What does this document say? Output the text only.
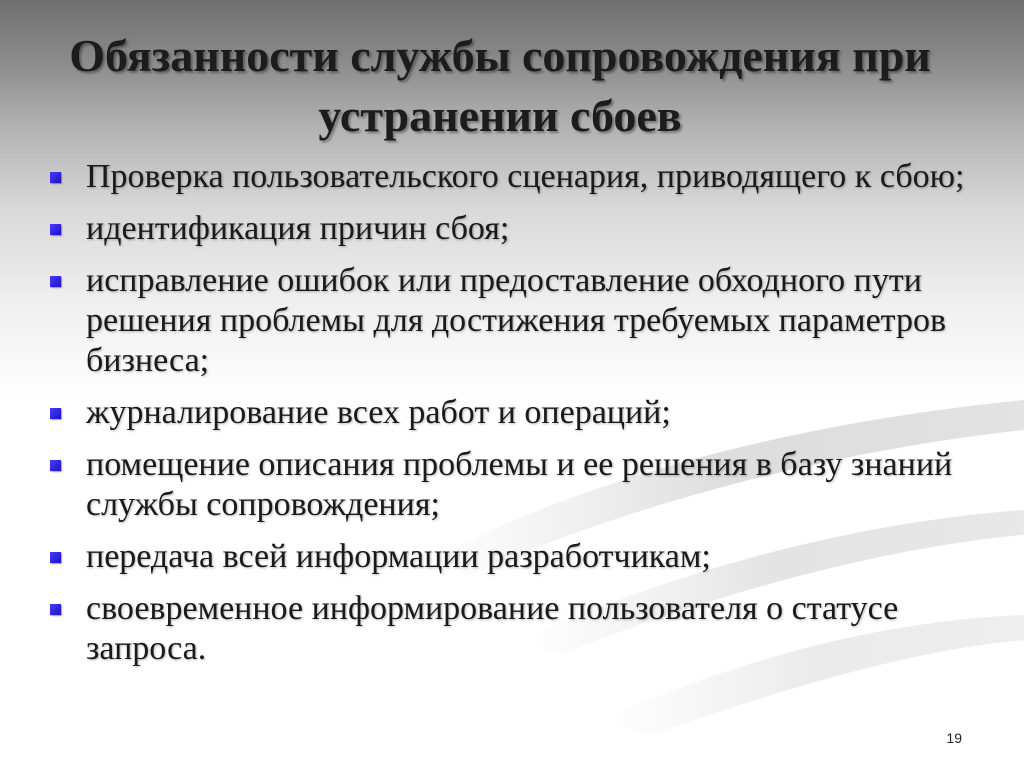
Обязанности службы сопровождения при
устранении сбоев
Проверка пользовательского сценария, приводящего к сбою;
идентификация причин сбоя;
исправление ошибок или предоставление обходного пути решения проблемы для достижения требуемых параметров бизнеса;
журналирование всех работ и операций;
помещение описания проблемы и ее решения в базу знаний службы сопровождения;
передача всей информации разработчикам;
своевременное информирование пользователя о статусе запроса.
19
